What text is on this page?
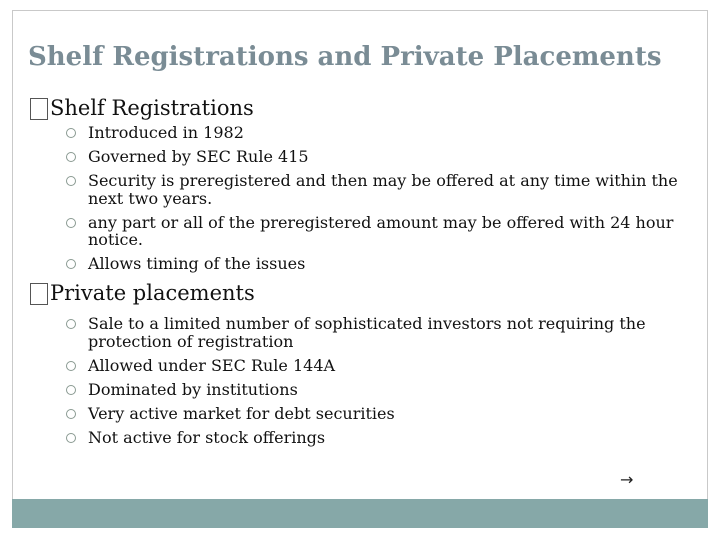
Shelf Registrations and Private Placements
Shelf Registrations
Introduced in 1982
Governed by SEC Rule 415
Security is preregistered and then may be offered at any time within the next two years.
any part or all of the preregistered amount may be offered with 24 hour notice.
Allows timing of the issues
Private placements
Sale to a limited number of sophisticated investors not requiring the protection of registration
Allowed under SEC Rule 144A
Dominated by institutions
Very active market for debt securities
Not active for stock offerings
→
